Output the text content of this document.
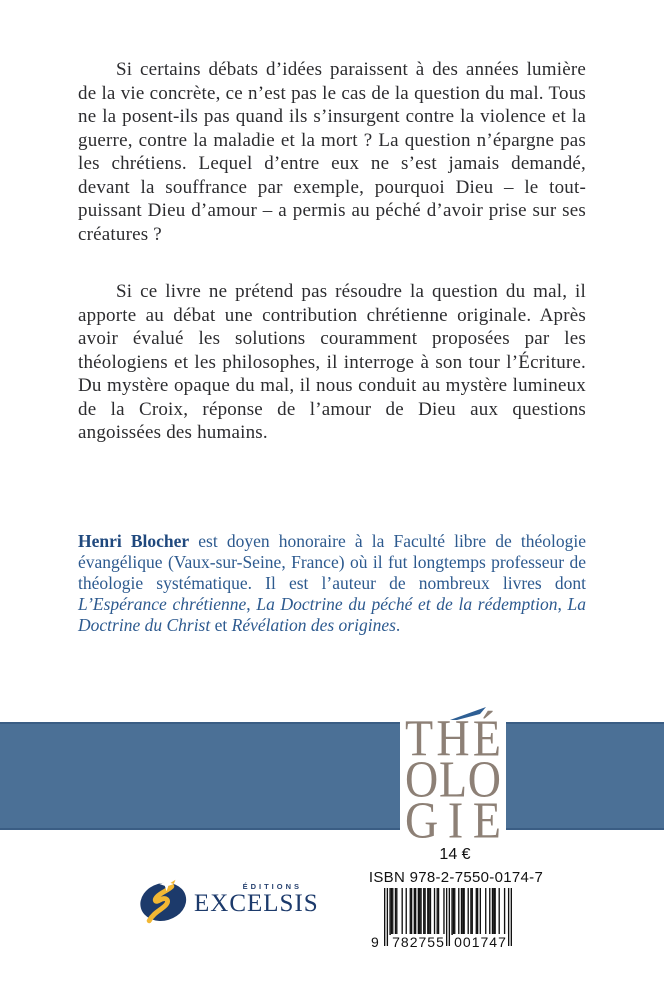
Si certains débats d’idées paraissent à des années lumière de la vie concrète, ce n’est pas le cas de la question du mal. Tous ne la posent-ils pas quand ils s’insurgent contre la violence et la guerre, contre la maladie et la mort ? La question n’épargne pas les chrétiens. Lequel d’entre eux ne s’est jamais demandé, devant la souffrance par exemple, pourquoi Dieu – le tout-puissant Dieu d’amour – a permis au péché d’avoir prise sur ses créatures ?

Si ce livre ne prétend pas résoudre la question du mal, il apporte au débat une contribution chrétienne originale. Après avoir évalué les solutions couramment proposées par les théologiens et les philosophes, il interroge à son tour l’Écriture. Du mystère opaque du mal, il nous conduit au mystère lumineux de la Croix, réponse de l’amour de Dieu aux questions angoissées des humains.

Henri Blocher est doyen honoraire à la Faculté libre de théologie évangélique (Vaux-sur-Seine, France) où il fut longtemps professeur de théologie systématique. Il est l’auteur de nombreux livres dont L’Espérance chrétienne, La Doctrine du péché et de la rédemption, La Doctrine du Christ et Révélation des origines.

T H É
O L O
G I E

14 €

ISBN 978-2-7550-0174-7

9 782755 001747
ÉDITIONS
EXCELSIS
www.XL6.com
